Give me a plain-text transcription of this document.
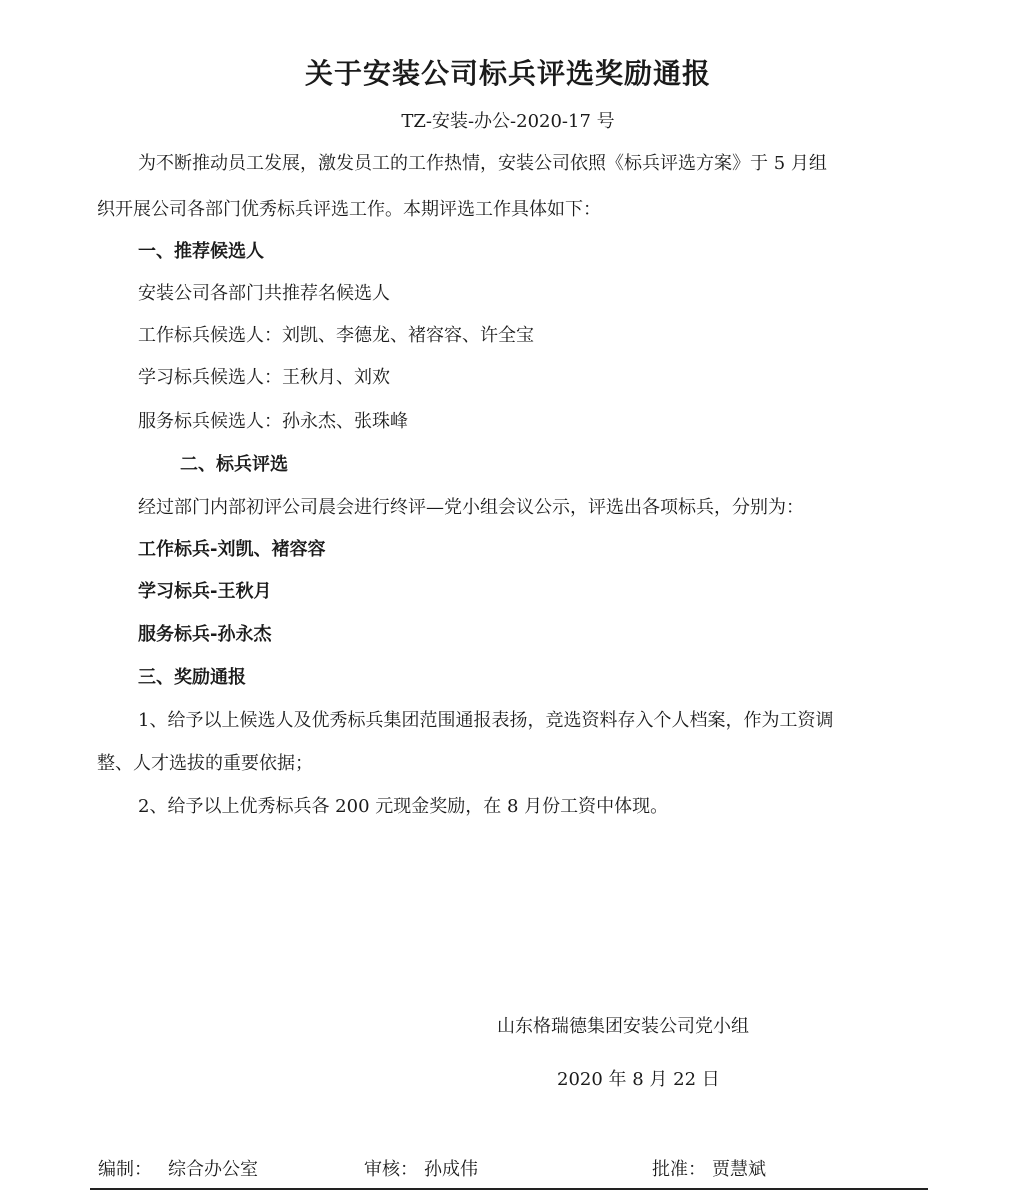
关于安装公司标兵评选奖励通报
TZ-安装-办公-2020-17 号
为不断推动员工发展，激发员工的工作热情，安装公司依照《标兵评选方案》于 5 月组
织开展公司各部门优秀标兵评选工作。本期评选工作具体如下：
一、推荐候选人
安装公司各部门共推荐名候选人
工作标兵候选人：刘凯、李德龙、褚容容、许全宝
学习标兵候选人：王秋月、刘欢
服务标兵候选人：孙永杰、张珠峰
二、标兵评选
经过部门内部初评公司晨会进行终评—党小组会议公示，评选出各项标兵，分别为：
工作标兵-刘凯、褚容容
学习标兵-王秋月
服务标兵-孙永杰
三、奖励通报
1、给予以上候选人及优秀标兵集团范围通报表扬，竞选资料存入个人档案，作为工资调
整、人才选拔的重要依据；
2、给予以上优秀标兵各 200 元现金奖励，在 8 月份工资中体现。
山东格瑞德集团安装公司党小组
2020 年 8 月 22 日
编制： 综合办公室	审核： 孙成伟	批准： 贾慧斌
